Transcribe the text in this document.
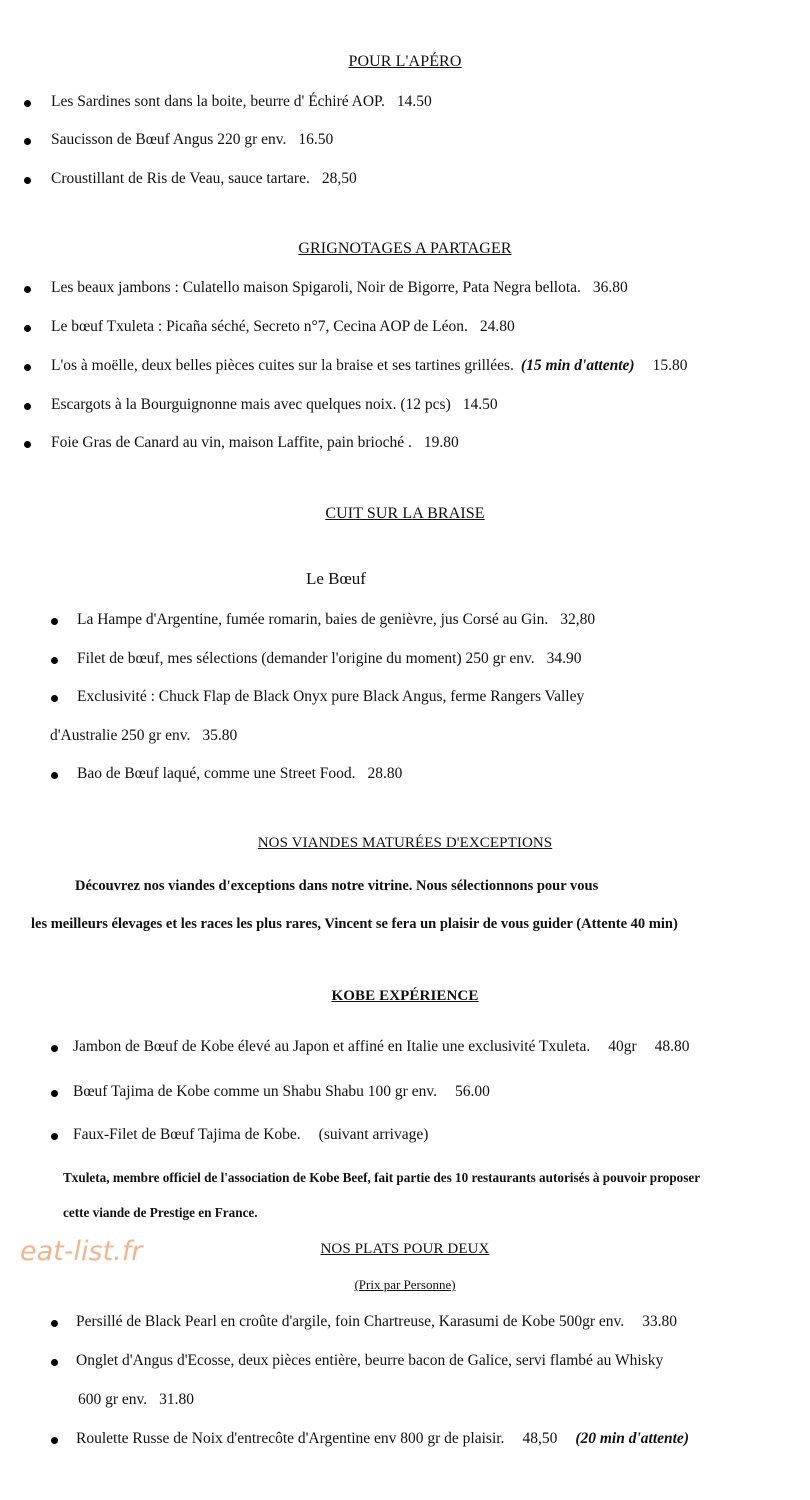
POUR L'APÉRO
Les Sardines sont dans la boite, beurre d' Échiré AOP. 14.50
Saucisson de Bœuf Angus 220 gr env. 16.50
Croustillant de Ris de Veau, sauce tartare. 28,50
GRIGNOTAGES A PARTAGER
Les beaux jambons : Culatello maison Spigaroli, Noir de Bigorre, Pata Negra bellota. 36.80
Le bœuf Txuleta : Picaña séché, Secreto n°7, Cecina AOP de Léon. 24.80
L'os à moëlle, deux belles pièces cuites sur la braise et ses tartines grillées. (15 min d'attente) 15.80
Escargots à la Bourguignonne mais avec quelques noix. (12 pcs) 14.50
Foie Gras de Canard au vin, maison Laffite, pain brioché . 19.80
CUIT SUR LA BRAISE
Le Bœuf
La Hampe d'Argentine, fumée romarin, baies de genièvre, jus Corsé au Gin. 32,80
Filet de bœuf, mes sélections (demander l'origine du moment) 250 gr env. 34.90
Exclusivité : Chuck Flap de Black Onyx pure Black Angus, ferme Rangers Valley
d'Australie 250 gr env. 35.80
Bao de Bœuf laqué, comme une Street Food. 28.80
NOS VIANDES MATURÉES D'EXCEPTIONS
Découvrez nos viandes d'exceptions dans notre vitrine. Nous sélectionnons pour vous
les meilleurs élevages et les races les plus rares, Vincent se fera un plaisir de vous guider (Attente 40 min)
KOBE EXPÉRIENCE
Jambon de Bœuf de Kobe élevé au Japon et affiné en Italie une exclusivité Txuleta. 40gr 48.80
Bœuf Tajima de Kobe comme un Shabu Shabu 100 gr env. 56.00
Faux-Filet de Bœuf Tajima de Kobe. (suivant arrivage)
Txuleta, membre officiel de l'association de Kobe Beef, fait partie des 10 restaurants autorisés à pouvoir proposer
cette viande de Prestige en France.
NOS PLATS POUR DEUX
(Prix par Personne)
Persillé de Black Pearl en croûte d'argile, foin Chartreuse, Karasumi de Kobe 500gr env. 33.80
Onglet d'Angus d'Ecosse, deux pièces entière, beurre bacon de Galice, servi flambé au Whisky
600 gr env. 31.80
Roulette Russe de Noix d'entrecôte d'Argentine env 800 gr de plaisir. 48,50 (20 min d'attente)
eat-list.fr
